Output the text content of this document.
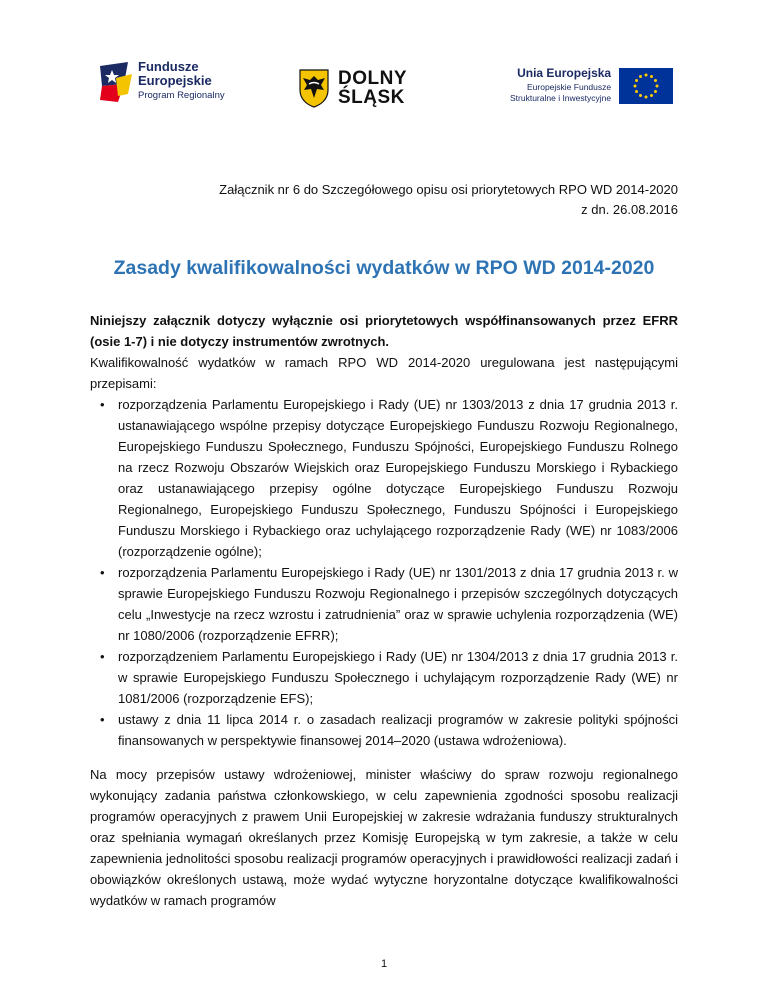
Fundusze
Europejskie
Program Regionalny
DOLNY
ŚLĄSK
Unia Europejska
Europejskie Fundusze
Strukturalne i Inwestycyjne
Załącznik nr 6 do Szczegółowego opisu osi priorytetowych RPO WD 2014-2020
z dn. 26.08.2016
Zasady kwalifikowalności wydatków w RPO WD 2014-2020

Niniejszy załącznik dotyczy wyłącznie osi priorytetowych współfinansowanych przez EFRR (osie 1-7) i nie dotyczy instrumentów zwrotnych.

Kwalifikowalność wydatków w ramach RPO WD 2014-2020 uregulowana jest następującymi przepisami:

• rozporządzenia Parlamentu Europejskiego i Rady (UE) nr 1303/2013 z dnia 17 grudnia 2013 r. ustanawiającego wspólne przepisy dotyczące Europejskiego Funduszu Rozwoju Regionalnego, Europejskiego Funduszu Społecznego, Funduszu Spójności, Europejskiego Funduszu Rolnego na rzecz Rozwoju Obszarów Wiejskich oraz Europejskiego Funduszu Morskiego i Rybackiego oraz ustanawiającego przepisy ogólne dotyczące Europejskiego Funduszu Rozwoju Regionalnego, Europejskiego Funduszu Społecznego, Funduszu Spójności i Europejskiego Funduszu Morskiego i Rybackiego oraz uchylającego rozporządzenie Rady (WE) nr 1083/2006 (rozporządzenie ogólne);
• rozporządzenia Parlamentu Europejskiego i Rady (UE) nr 1301/2013 z dnia 17 grudnia 2013 r. w sprawie Europejskiego Funduszu Rozwoju Regionalnego i przepisów szczególnych dotyczących celu „Inwestycje na rzecz wzrostu i zatrudnienia” oraz w sprawie uchylenia rozporządzenia (WE) nr 1080/2006 (rozporządzenie EFRR);
• rozporządzeniem Parlamentu Europejskiego i Rady (UE) nr 1304/2013 z dnia 17 grudnia 2013 r. w sprawie Europejskiego Funduszu Społecznego i uchylającym rozporządzenie Rady (WE) nr 1081/2006 (rozporządzenie EFS);
• ustawy z dnia 11 lipca 2014 r. o zasadach realizacji programów w zakresie polityki spójności finansowanych w perspektywie finansowej 2014–2020 (ustawa wdrożeniowa).

Na mocy przepisów ustawy wdrożeniowej, minister właściwy do spraw rozwoju regionalnego wykonujący zadania państwa członkowskiego, w celu zapewnienia zgodności sposobu realizacji programów operacyjnych z prawem Unii Europejskiej w zakresie wdrażania funduszy strukturalnych oraz spełniania wymagań określanych przez Komisję Europejską w tym zakresie, a także w celu zapewnienia jednolitości sposobu realizacji programów operacyjnych i prawidłowości realizacji zadań i obowiązków określonych ustawą, może wydać wytyczne horyzontalne dotyczące kwalifikowalności wydatków w ramach programów

1
